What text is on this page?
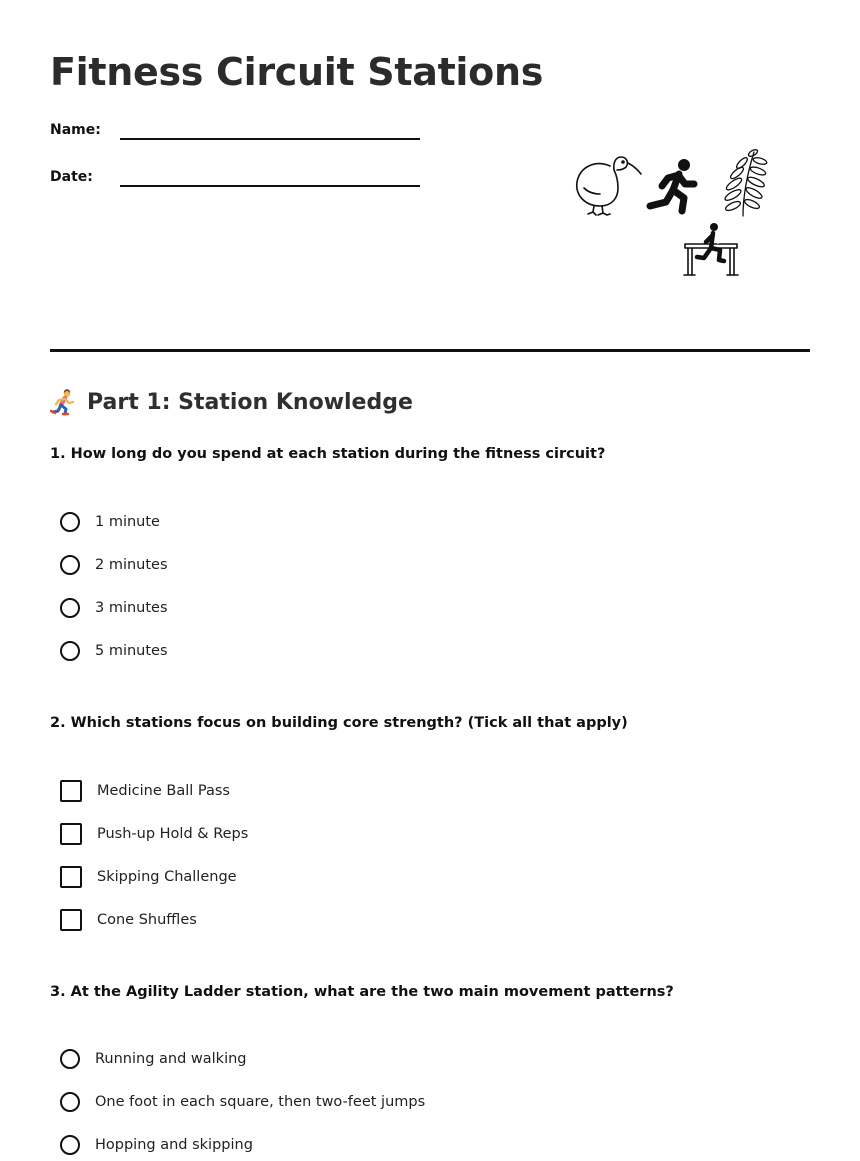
Fitness Circuit Stations
Name:
Date:
Part 1: Station Knowledge

1. How long do you spend at each station during the fitness circuit?

1 minute
2 minutes
3 minutes
5 minutes

2. Which stations focus on building core strength? (Tick all that apply)

Medicine Ball Pass
Push-up Hold & Reps
Skipping Challenge
Cone Shuffles

3. At the Agility Ladder station, what are the two main movement patterns?

Running and walking
One foot in each square, then two-feet jumps
Hopping and skipping
